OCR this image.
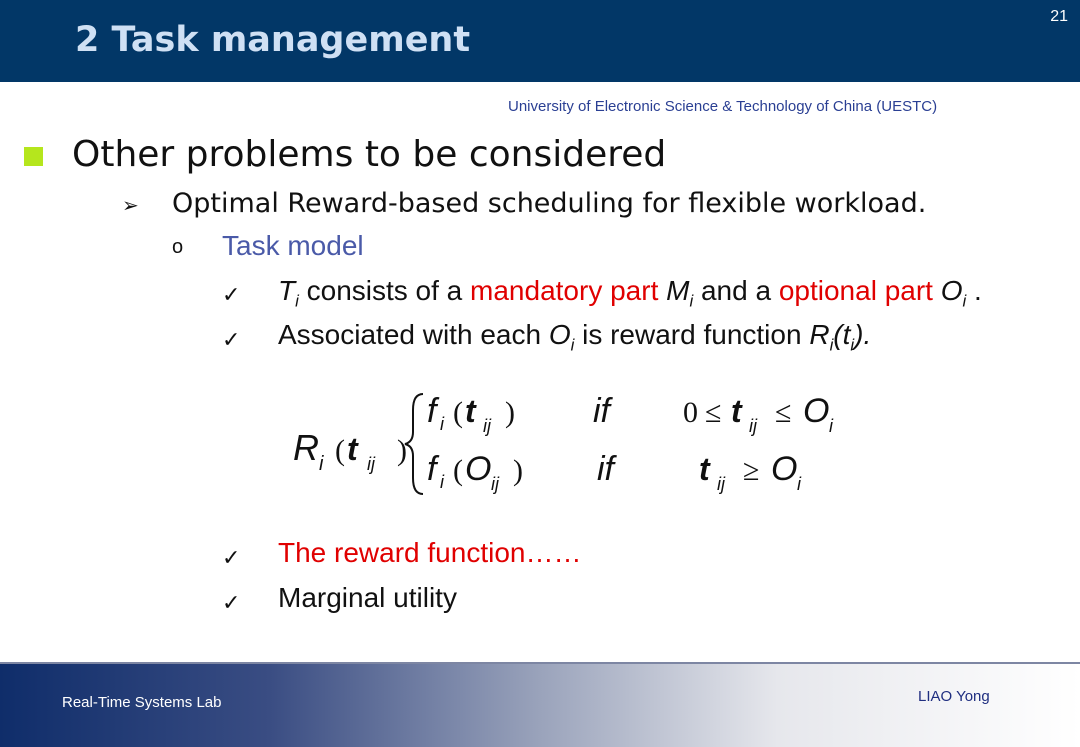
2 Task management
21
University of Electronic Science & Technology of China (UESTC)
Other problems to be considered
➢ Optimal Reward-based scheduling for flexible workload.
o Task model
✓ $T_i$ consists of a mandatory part $M_i$ and a optional part $O_i$ .
✓ Associated with each $O_i$ is reward function $R_i(t_i)$.
R i ( )
t ij
f i ( t ij ) if 0 ≤ t ij ≤ O i
f i ( O ij ) if	t ij ≥ O i
✓ The reward function……
✓ Marginal utility
Real-Time Systems Lab	LIAO Yong
